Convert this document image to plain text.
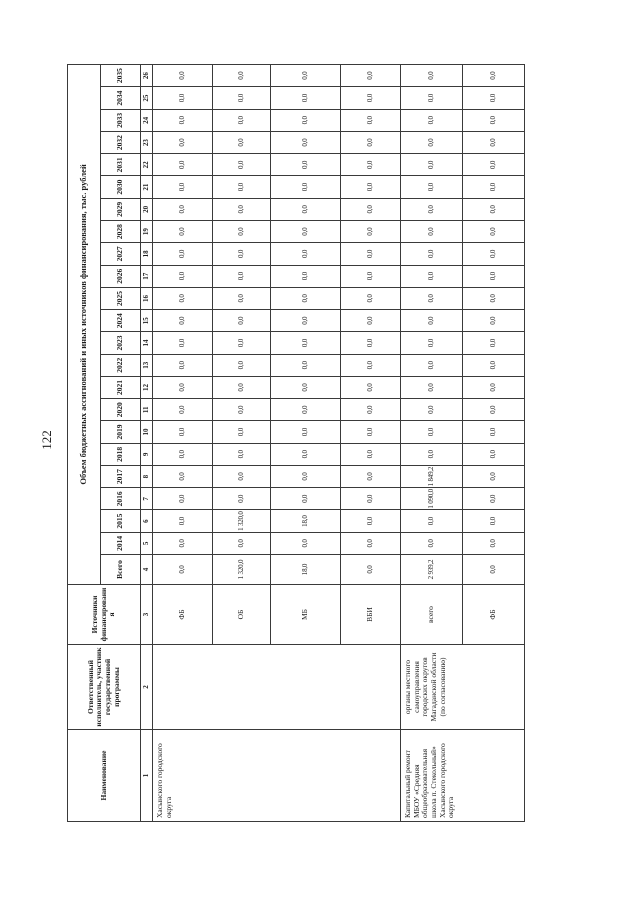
122
Наименование	Ответственный исполнитель, участник государственной программы	Источники финансирования	Объем бюджетных ассигнований и иных источников финансирования, тыс. рублей																						
			Всего	2014	2015	2016	2017	2018	2019	2020	2021	2022	2023	2024	2025	2026	2027	2028	2029	2030	2031	2032	2033	2034	2035
1	2	3	4	5	6	7	8	9	10	11	12	13	14	15	16	17	18	19	20	21	22	23	24	25	26
Хасынского городского округа		ФБ	0,0	0,0	0,0	0,0	0,0	0,0	0,0	0,0	0,0	0,0	0,0	0,0	0,0	0,0	0,0	0,0	0,0	0,0	0,0	0,0	0,0	0,0	0,0
		ОБ	1 320,0	0,0	1 320,0	0,0	0,0	0,0	0,0	0,0	0,0	0,0	0,0	0,0	0,0	0,0	0,0	0,0	0,0	0,0	0,0	0,0	0,0	0,0	0,0
		МБ	18,0	0,0	18,0	0,0	0,0	0,0	0,0	0,0	0,0	0,0	0,0	0,0	0,0	0,0	0,0	0,0	0,0	0,0	0,0	0,0	0,0	0,0	0,0
		ВБИ	0,0	0,0	0,0	0,0	0,0	0,0	0,0	0,0	0,0	0,0	0,0	0,0	0,0	0,0	0,0	0,0	0,0	0,0	0,0	0,0	0,0	0,0	0,0
Капитальный ремонт МБОУ «Средняя общеобразовательная школа п. Стекольный» Хасынского городского округа	органы местного самоуправления городских округов Магаданской области (по согласованию)	всего	2 939,2	0,0	0,0	1 090,0	1 849,2	0,0	0,0	0,0	0,0	0,0	0,0	0,0	0,0	0,0	0,0	0,0	0,0	0,0	0,0	0,0	0,0	0,0	0,0
		ФБ	0,0	0,0	0,0	0,0	0,0	0,0	0,0	0,0	0,0	0,0	0,0	0,0	0,0	0,0	0,0	0,0	0,0	0,0	0,0	0,0	0,0	0,0	0,0
